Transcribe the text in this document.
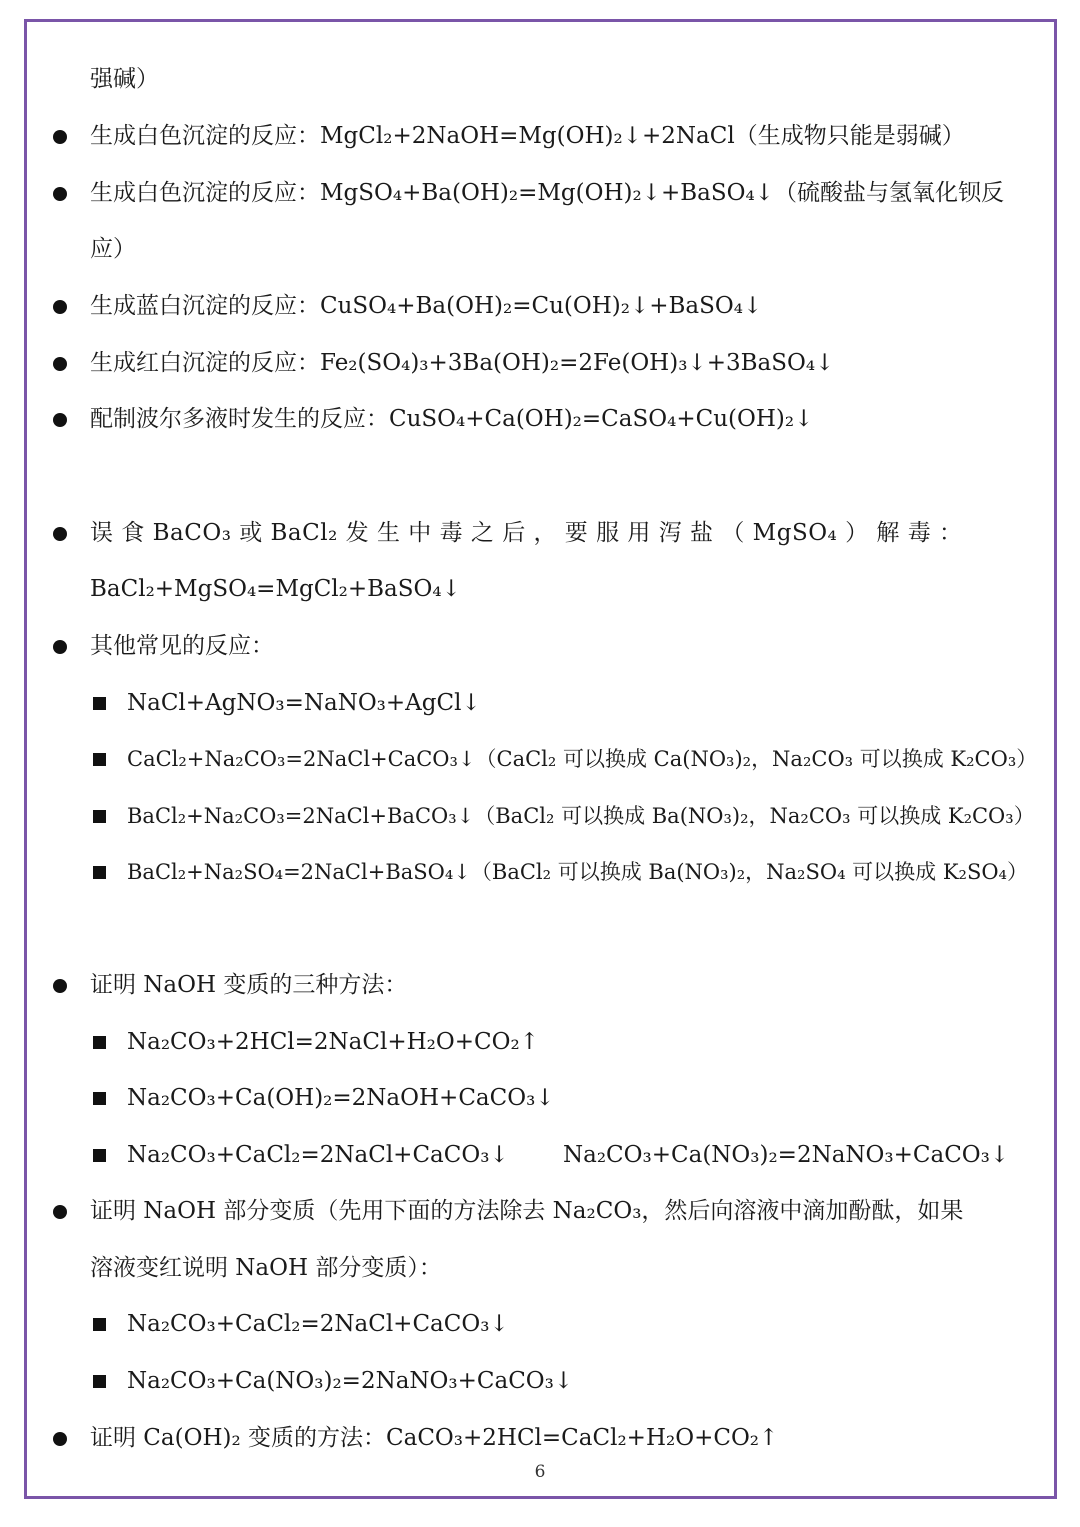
强碱）
生成白色沉淀的反应：MgCl₂+2NaOH=Mg(OH)₂↓+2NaCl（生成物只能是弱碱）
生成白色沉淀的反应：MgSO₄+Ba(OH)₂=Mg(OH)₂↓+BaSO₄↓（硫酸盐与氢氧化钡反
应）
生成蓝白沉淀的反应：CuSO₄+Ba(OH)₂=Cu(OH)₂↓+BaSO₄↓
生成红白沉淀的反应：Fe₂(SO₄)₃+3Ba(OH)₂=2Fe(OH)₃↓+3BaSO₄↓
配制波尔多液时发生的反应：CuSO₄+Ca(OH)₂=CaSO₄+Cu(OH)₂↓
误 食 BaCO₃ 或 BaCl₂ 发 生 中 毒 之 后 ， 要 服 用 泻 盐 （ MgSO₄ ） 解 毒 ：
BaCl₂+MgSO₄=MgCl₂+BaSO₄↓
其他常见的反应：
NaCl+AgNO₃=NaNO₃+AgCl↓
CaCl₂+Na₂CO₃=2NaCl+CaCO₃↓（CaCl₂ 可以换成 Ca(NO₃)₂，Na₂CO₃ 可以换成 K₂CO₃）
BaCl₂+Na₂CO₃=2NaCl+BaCO₃↓（BaCl₂ 可以换成 Ba(NO₃)₂，Na₂CO₃ 可以换成 K₂CO₃）
BaCl₂+Na₂SO₄=2NaCl+BaSO₄↓（BaCl₂ 可以换成 Ba(NO₃)₂，Na₂SO₄ 可以换成 K₂SO₄）
证明 NaOH 变质的三种方法：
Na₂CO₃+2HCl=2NaCl+H₂O+CO₂↑
Na₂CO₃+Ca(OH)₂=2NaOH+CaCO₃↓
Na₂CO₃+CaCl₂=2NaCl+CaCO₃↓ Na₂CO₃+Ca(NO₃)₂=2NaNO₃+CaCO₃↓
证明 NaOH 部分变质（先用下面的方法除去 Na₂CO₃，然后向溶液中滴加酚酞，如果
溶液变红说明 NaOH 部分变质）：
Na₂CO₃+CaCl₂=2NaCl+CaCO₃↓
Na₂CO₃+Ca(NO₃)₂=2NaNO₃+CaCO₃↓
证明 Ca(OH)₂ 变质的方法：CaCO₃+2HCl=CaCl₂+H₂O+CO₂↑
6
